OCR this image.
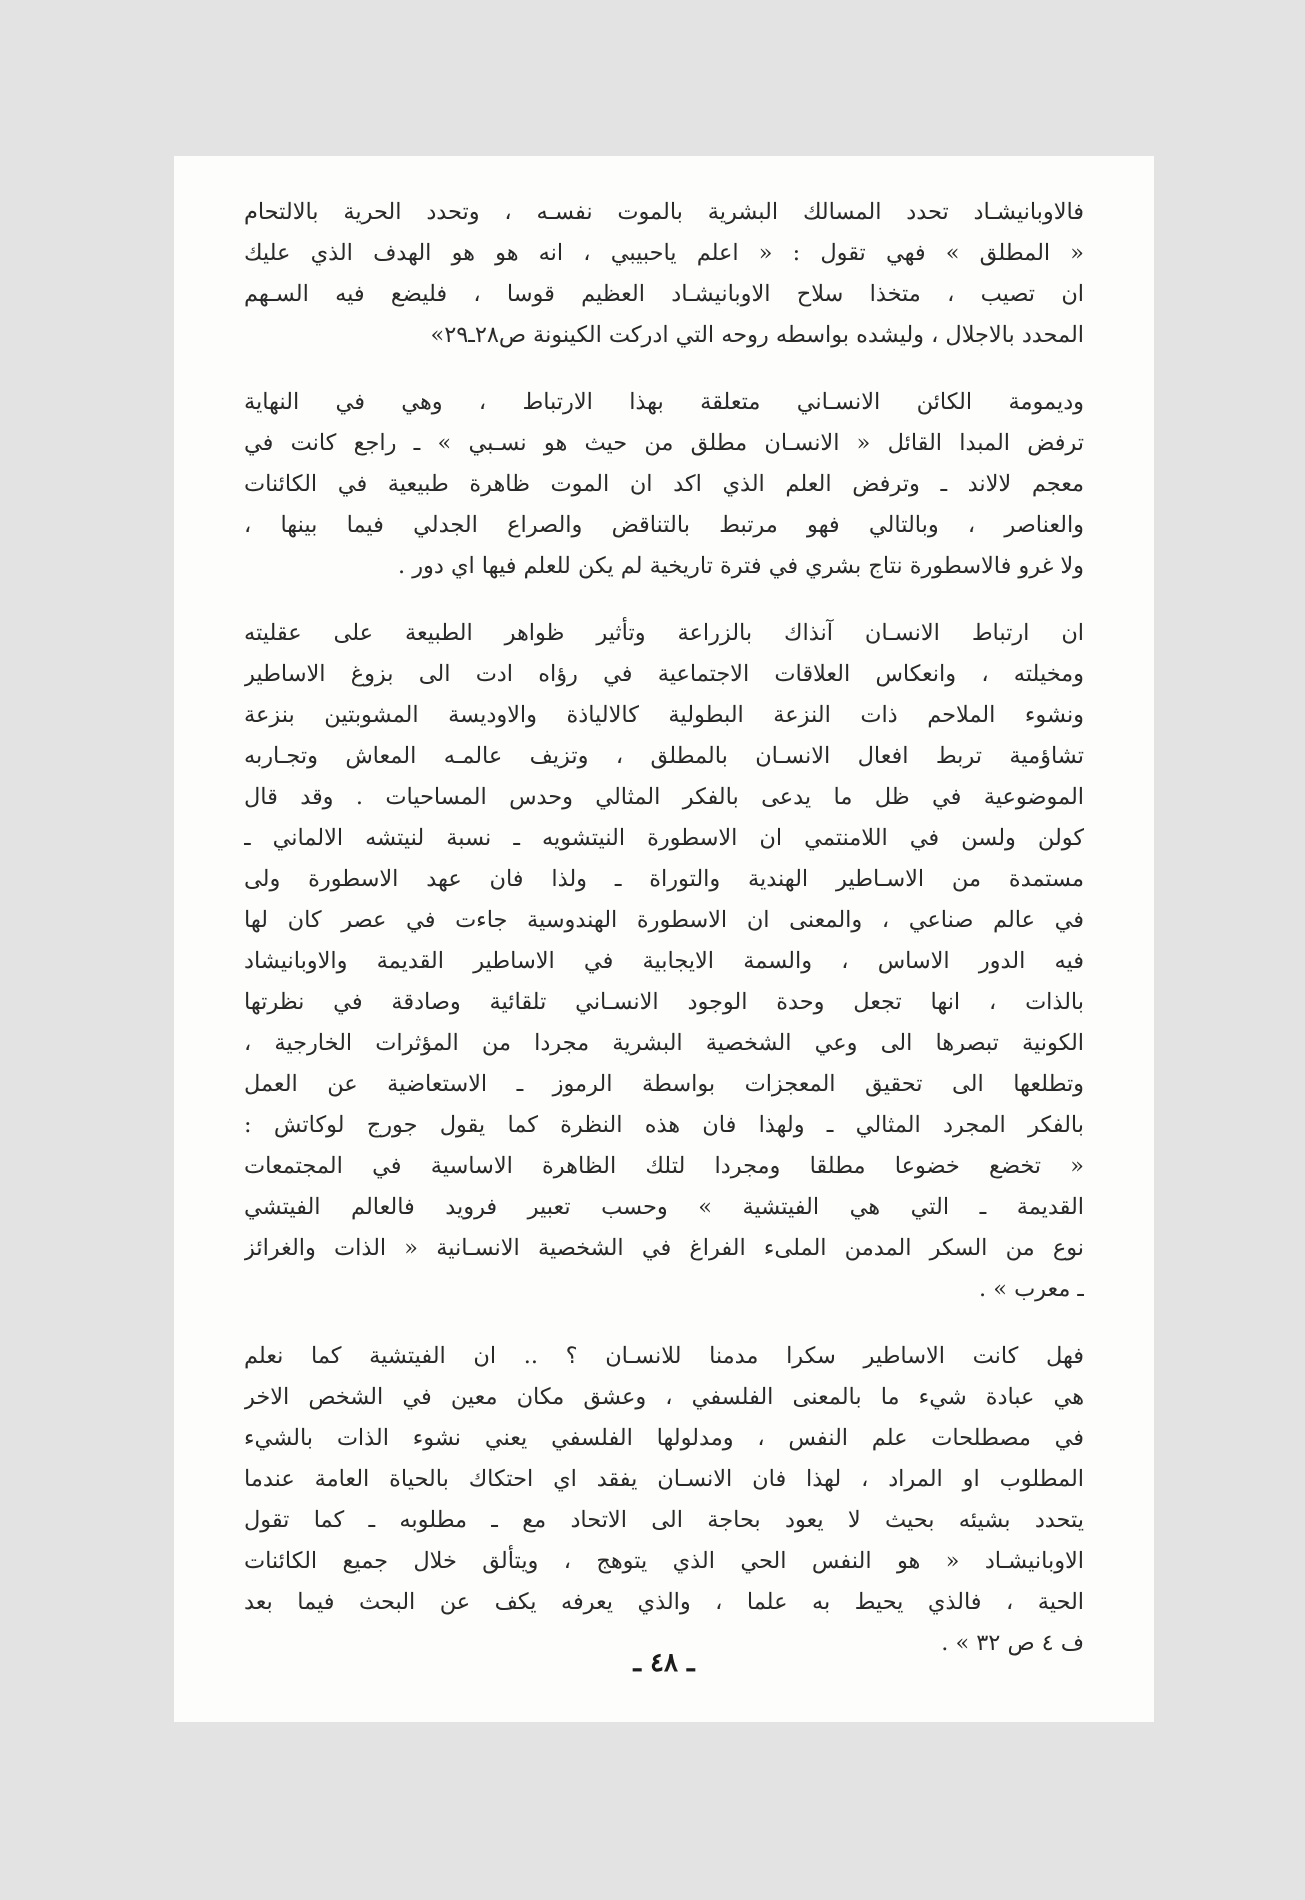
فالاوبانيشـاد تحدد المسالك البشرية بالموت نفسـه ، وتحدد الحرية بالالتحام
« المطلق » فهي تقول : « اعلم ياحبيبي ، انه هو هو الهدف الذي عليك
ان تصيب ، متخذا سلاح الاوبانيشـاد العظيم قوسا ، فليضع فيه السـهم
المحدد بالاجلال ، وليشده بواسطه روحه التي ادركت الكينونة ص٢٨ـ٢٩»
وديمومة الكائن الانسـاني متعلقة بهذا الارتباط ، وهي في النهاية
ترفض المبدا القائل « الانسـان مطلق من حيث هو نسـبي » ـ راجع كانت في
معجم لالاند ـ وترفض العلم الذي اكد ان الموت ظاهرة طبيعية في الكائنات
والعناصر ، وبالتالي فهو مرتبط بالتناقض والصراع الجدلي فيما بينها ،
ولا غرو فالاسطورة نتاج بشري في فترة تاريخية لم يكن للعلم فيها اي دور .
ان ارتباط الانسـان آنذاك بالزراعة وتأثير ظواهر الطبيعة على عقليته
ومخيلته ، وانعكاس العلاقات الاجتماعية في رؤاه ادت الى بزوغ الاساطير
ونشوء الملاحم ذات النزعة البطولية كالالياذة والاوديسة المشوبتين بنزعة
تشاؤمية تربط افعال الانسـان بالمطلق ، وتزيف عالمـه المعاش وتجـاربه
الموضوعية في ظل ما يدعى بالفكر المثالي وحدس المساحيات . وقد قال
كولن ولسن في اللامنتمي ان الاسطورة النيتشويه ـ نسبة لنيتشه الالماني ـ
مستمدة من الاسـاطير الهندية والتوراة ـ ولذا فان عهد الاسطورة ولى
في عالم صناعي ، والمعنى ان الاسطورة الهندوسية جاءت في عصر كان لها
فيه الدور الاساس ، والسمة الايجابية في الاساطير القديمة والاوبانيشاد
بالذات ، انها تجعل وحدة الوجود الانسـاني تلقائية وصادقة في نظرتها
الكونية تبصرها الى وعي الشخصية البشرية مجردا من المؤثرات الخارجية ،
وتطلعها الى تحقيق المعجزات بواسطة الرموز ـ الاستعاضية عن العمل
بالفكر المجرد المثالي ـ ولهذا فان هذه النظرة كما يقول جورج لوكاتش :
« تخضع خضوعا مطلقا ومجردا لتلك الظاهرة الاساسية في المجتمعات
القديمة ـ التي هي الفيتشية » وحسب تعبير فرويد فالعالم الفيتشي
نوع من السكر المدمن الملىء الفراغ في الشخصية الانسـانية « الذات والغرائز
ـ معرب » .
فهل كانت الاساطير سكرا مدمنا للانسـان ؟ .. ان الفيتشية كما نعلم
هي عبادة شيء ما بالمعنى الفلسفي ، وعشق مكان معين في الشخص الاخر
في مصطلحات علم النفس ، ومدلولها الفلسفي يعني نشوء الذات بالشيء
المطلوب او المراد ، لهذا فان الانسـان يفقد اي احتكاك بالحياة العامة عندما
يتحدد بشيئه بحيث لا يعود بحاجة الى الاتحاد مع ـ مطلوبه ـ كما تقول
الاوبانيشـاد « هو النفس الحي الذي يتوهج ، ويتألق خلال جميع الكائنات
الحية ، فالذي يحيط به علما ، والذي يعرفه يكف عن البحث فيما بعد
ف ٤ ص ٣٢ » .
ـ ٤٨ ـ
